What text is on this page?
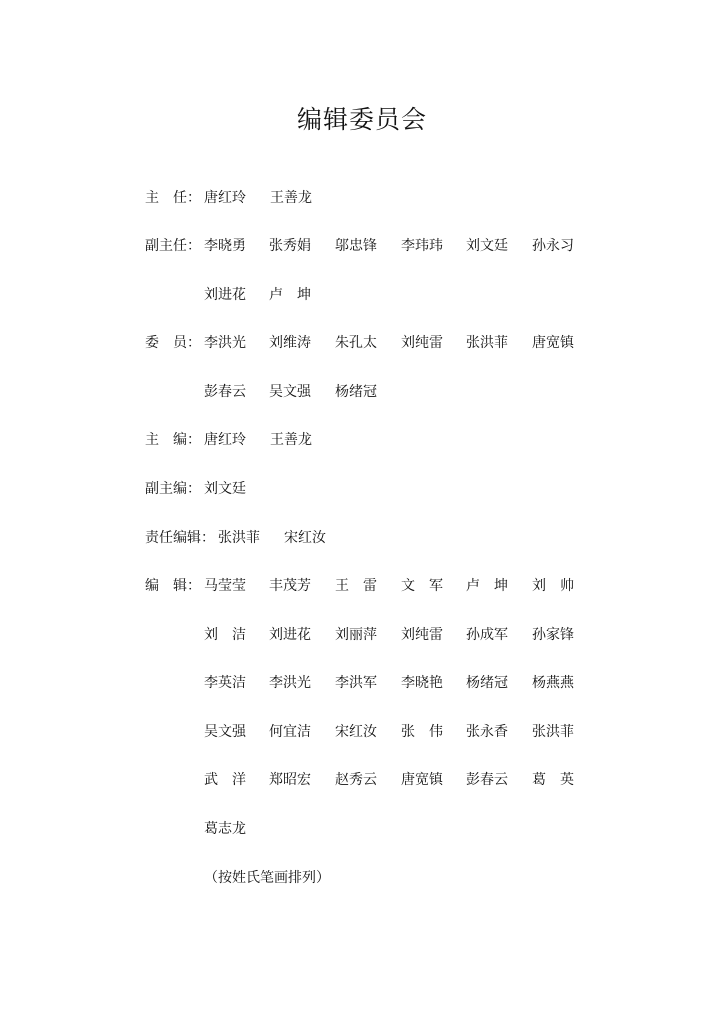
编辑委员会
主　任： 唐红玲 王善龙
副主任： 李晓勇 张秀娟 邬忠锋 李玮玮 刘文廷 孙永习
刘进花 卢　坤
委　员： 李洪光 刘维涛 朱孔太 刘纯雷 张洪菲 唐宽镇
彭春云 吴文强 杨绪冠
主　编： 唐红玲 王善龙
副主编： 刘文廷
责任编辑： 张洪菲 宋红汝
编　辑： 马莹莹 丰茂芳 王　雷 文　军 卢　坤 刘　帅
刘　洁 刘进花 刘丽萍 刘纯雷 孙成军 孙家锋
李英洁 李洪光 李洪军 李晓艳 杨绪冠 杨燕燕
吴文强 何宜洁 宋红汝 张　伟 张永香 张洪菲
武　洋 郑昭宏 赵秀云 唐宽镇 彭春云 葛　英
葛志龙
（按姓氏笔画排列）
